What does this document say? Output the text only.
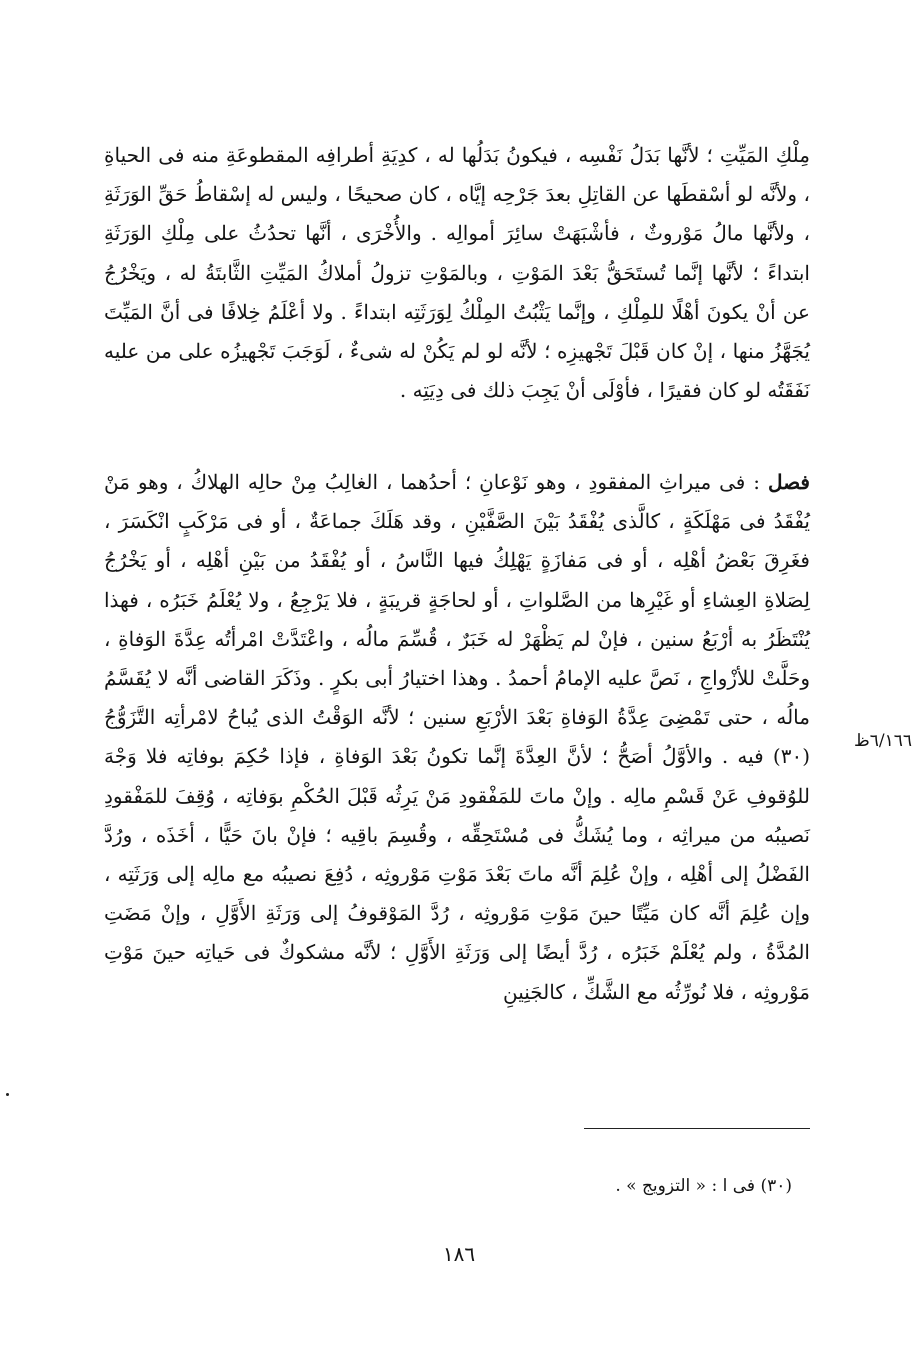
مِلْكِ المَيِّتِ ؛ لأنَّها بَدَلُ نَفْسِه ، فيكونُ بَدَلُها له ، كدِيَةِ أطرافِه المقطوعَةِ منه فى الحياةِ ، ولأنَّه لو أسْقطَها عن القاتِلِ بعدَ جَرْحِه إيَّاه ، كان صحيحًا ، وليس له إسْقاطُ حَقِّ الوَرَثَةِ ، ولأنَّها مالُ مَوْروثٌ ، فأشْبَهَتْ سائِرَ أموالِه . والأُخْرَى ، أنَّها تحدُثُ على مِلْكِ الوَرَثَةِ ابتداءً ؛ لأنَّها إنَّما تُستَحَقُّ بَعْدَ المَوْتِ ، وبالمَوْتِ تزولُ أملاكُ المَيِّتِ الثَّابتَةُ له ، ويَخْرُجُ عن أنْ يكونَ أهْلًا للمِلْكِ ، وإنَّما يَثْبُتُ المِلْكُ لِوَرَثَتِه ابتداءً . ولا أعْلَمُ خِلافًا فى أنَّ المَيِّتَ يُجَهَّزُ منها ، إنْ كان قَبْلَ تَجْهيزِه ؛ لأنَّه لو لم يَكُنْ له شىءٌ ، لَوَجَبَ تَجْهيزُه على من عليه نَفَقَتُه لو كان فقيرًا ، فأوْلَى أنْ يَجِبَ ذلك فى دِيَتِه .

فصل : فى ميراثِ المفقودِ ، وهو نَوْعانِ ؛ أحدُهما ، الغالِبُ مِنْ حالِه الهلاكُ ، وهو مَنْ يُفْقَدُ فى مَهْلَكَةٍ ، كالَّذى يُفْقَدُ بَيْنَ الصَّفَّيْنِ ، وقد هَلَكَ جماعَةٌ ، أو فى مَرْكَبٍ انْكَسَرَ ، فغَرِقَ بَعْضُ أهْلِه ، أو فى مَفازَةٍ يَهْلِكُ فيها النَّاسُ ، أو يُفْقَدُ من بَيْنِ أهْلِه ، أو يَخْرُجُ لِصَلاةِ العِشاءِ أو غَيْرِها من الصَّلواتِ ، أو لحاجَةٍ قريبَةٍ ، فلا يَرْجِعُ ، ولا يُعْلَمُ خَبَرُه ، فهذا يُنْتَظَرُ به أرْبَعُ سنين ، فإنْ لم يَظْهَرْ له خَبَرٌ ، قُسِّمَ مالُه ، واعْتَدَّتْ امْرأتُه عِدَّةَ الوَفاةِ ، وحَلَّتْ للأزْواجِ ، نَصَّ عليه الإمامُ أحمدُ . وهذا اختيارُ أبى بكرٍ . وذَكَرَ القاضى أنَّه لا يُقَسَّمُ مالُه ، حتى تَمْضِىَ عِدَّةُ الوَفاةِ بَعْدَ الأرْبَعِ سنين ؛ لأنَّه الوَقْتُ الذى يُباحُ لامْرأتِه التَّزَوُّجُ (٣٠) فيه . والأوَّلُ أصَحُّ ؛ لأنَّ العِدَّةَ إنَّما تكونُ بَعْدَ الوَفاةِ ، فإذا حُكِمَ بوفاتِه فلا وَجْهَ للوُقوفِ عَنْ قَسْمِ مالِه . وإنْ ماتَ للمَفْقودِ مَنْ يَرِثُه قَبْلَ الحُكْمِ بوَفاتِه ، وُقِفَ للمَفْقودِ نَصيبُه من ميراثِه ، وما يُشَكُّ فى مُسْتَحِقِّه ، وقُسِمَ باقِيه ؛ فإنْ بانَ حَيًّا ، أخَذَه ، ورُدَّ الفَضْلُ إلى أهْلِه ، وإنْ عُلِمَ أنَّه ماتَ بَعْدَ مَوْتِ مَوْروثِه ، دُفِعَ نصيبُه مع مالِه إلى وَرَثَتِه ، وإن عُلِمَ أنَّه كان مَيِّتًا حينَ مَوْتِ مَوْروثِه ، رُدَّ المَوْقوفُ إلى وَرَثَةِ الأَوَّلِ ، وإنْ مَضَتِ المُدَّةُ ، ولم يُعْلَمْ خَبَرُه ، رُدَّ أيضًا إلى وَرَثَةِ الأَوَّلِ ؛ لأنَّه مشكوكٌ فى حَياتِه حينَ مَوْتِ مَوْروثِه ، فلا نُورِّثُه مع الشَّكِّ ، كالجَنِينِ

٦/١٦٦ظ
(٣٠) فى ا : « التزويج » .
١٨٦
